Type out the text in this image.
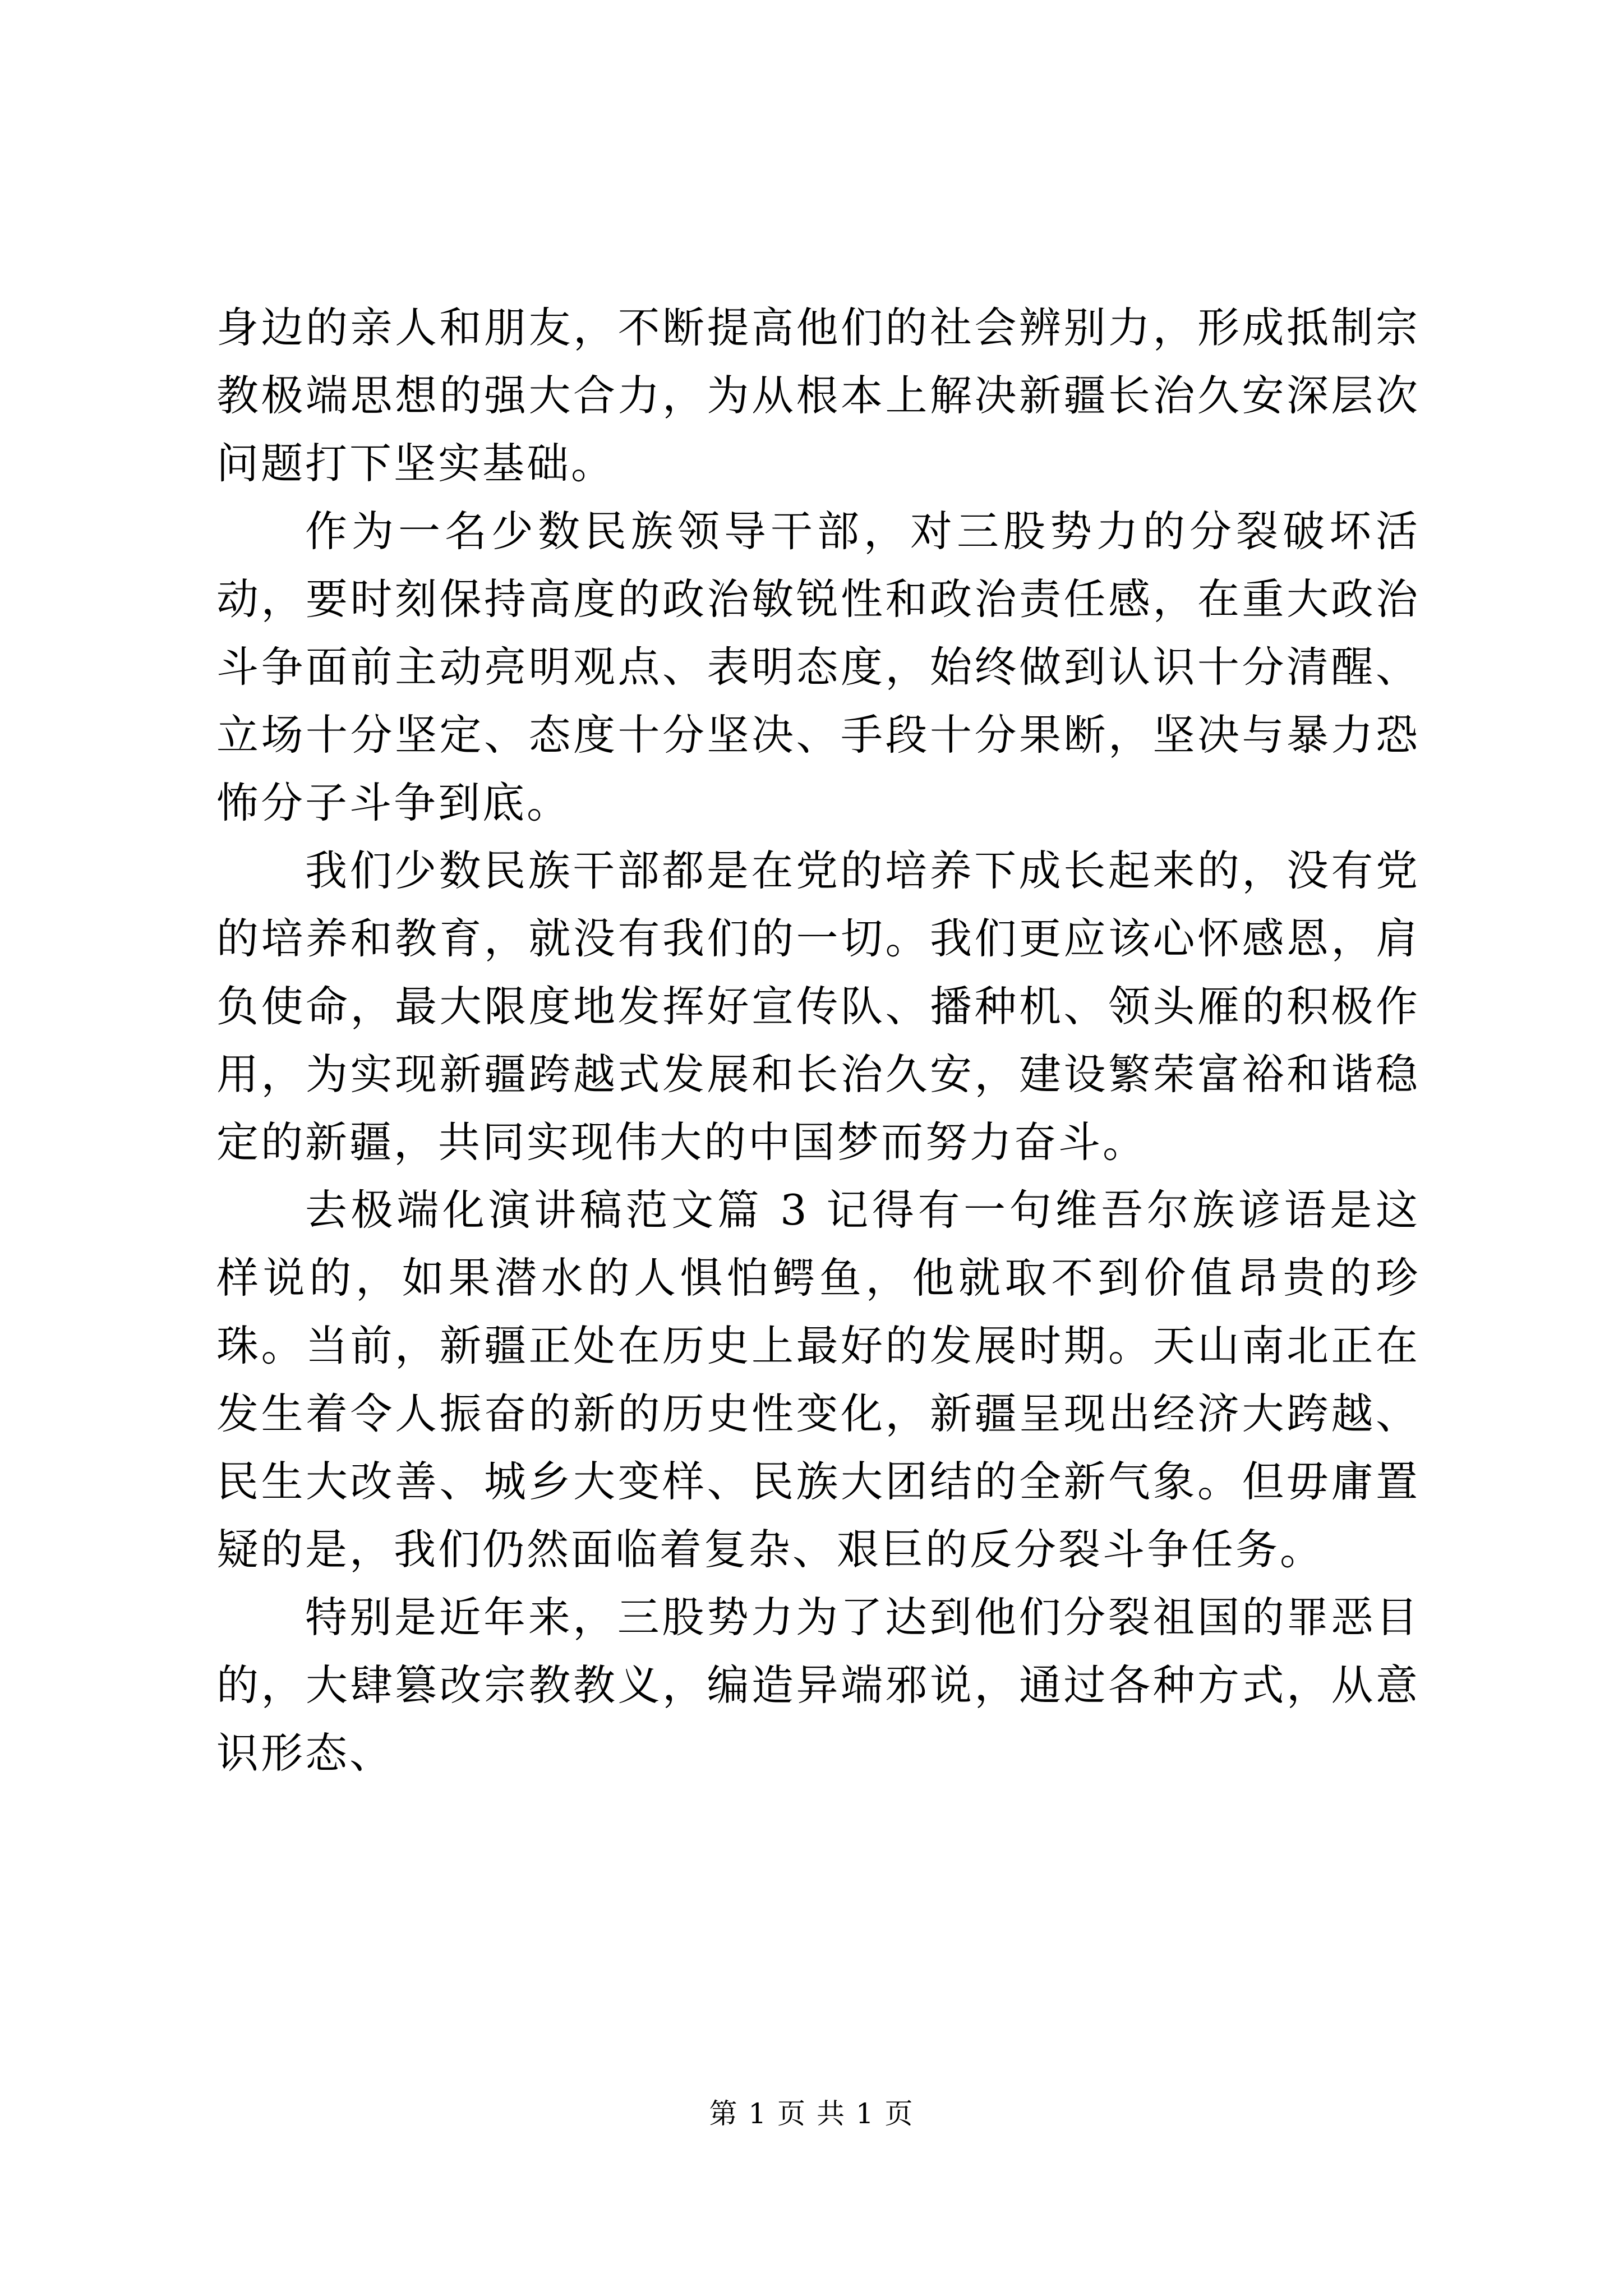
身边的亲人和朋友，不断提高他们的社会辨别力，形成抵制宗教极端思想的强大合力，为从根本上解决新疆长治久安深层次问题打下坚实基础。

作为一名少数民族领导干部，对三股势力的分裂破坏活动，要时刻保持高度的政治敏锐性和政治责任感，在重大政治斗争面前主动亮明观点、表明态度，始终做到认识十分清醒、立场十分坚定、态度十分坚决、手段十分果断，坚决与暴力恐怖分子斗争到底。

我们少数民族干部都是在党的培养下成长起来的，没有党的培养和教育，就没有我们的一切。我们更应该心怀感恩，肩负使命，最大限度地发挥好宣传队、播种机、领头雁的积极作用，为实现新疆跨越式发展和长治久安，建设繁荣富裕和谐稳定的新疆，共同实现伟大的中国梦而努力奋斗。

去极端化演讲稿范文篇 3 记得有一句维吾尔族谚语是这样说的，如果潜水的人惧怕鳄鱼，他就取不到价值昂贵的珍珠。当前，新疆正处在历史上最好的发展时期。天山南北正在发生着令人振奋的新的历史性变化，新疆呈现出经济大跨越、民生大改善、城乡大变样、民族大团结的全新气象。但毋庸置疑的是，我们仍然面临着复杂、艰巨的反分裂斗争任务。

特别是近年来，三股势力为了达到他们分裂祖国的罪恶目的，大肆篡改宗教教义，编造异端邪说，通过各种方式，从意识形态、

第 1 页 共 1 页
